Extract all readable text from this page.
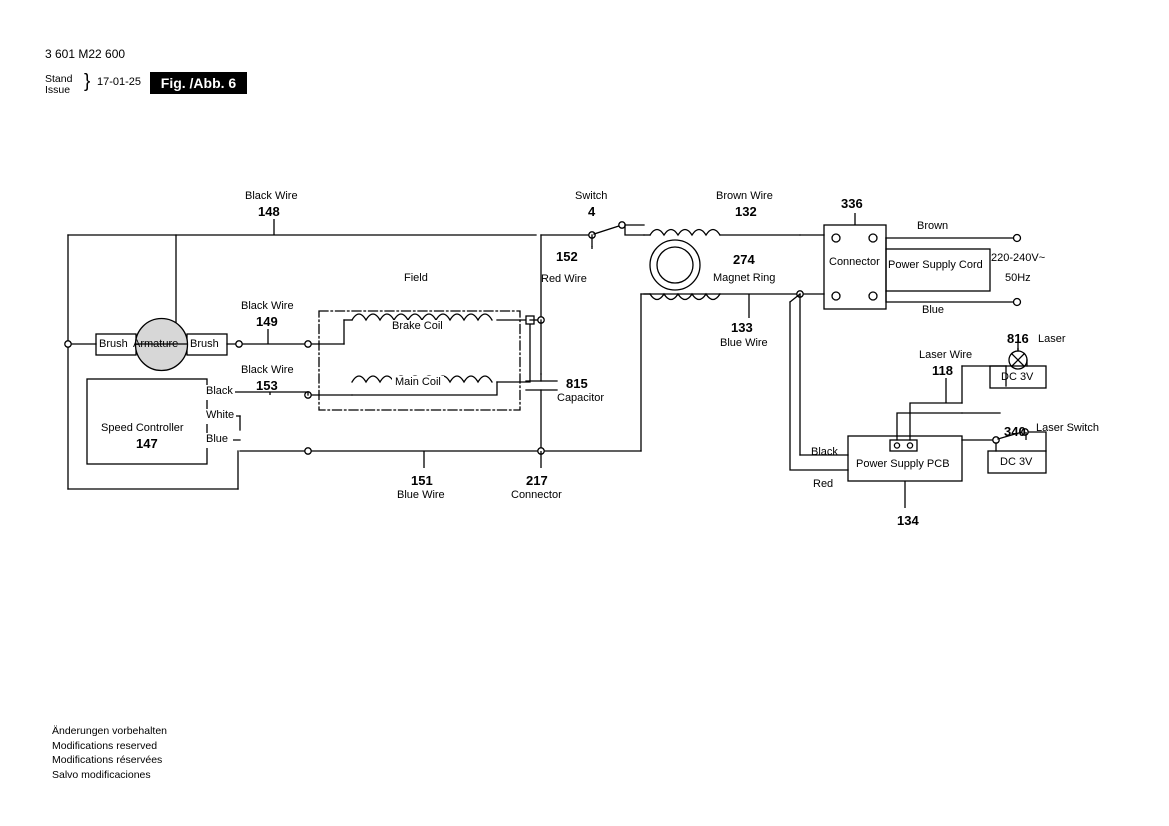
3 601 M22 600
Stand
Issue } 17-01-25	Fig. /Abb. 6
Black Wire
148
Black Wire
149
Black Wire
153
Brush Armature Brush
Field
Brake Coil
Main Coil
Speed Controller
147
Black
White
Blue
151
Blue Wire
217
Connector
815
Capacitor
Switch
4
152
Red Wire
274
Magnet Ring
Brown Wire
132
133
Blue Wire
336
Connector Power Supply Cord
Brown
Blue
220-240V~
50Hz
Laser Wire
118
816 Laser
DC 3V
340 Laser Switch
DC 3V
Power Supply PCB
134
Black
Red
Änderungen vorbehalten
Modifications reserved
Modifications réservées
Salvo modificaciones
